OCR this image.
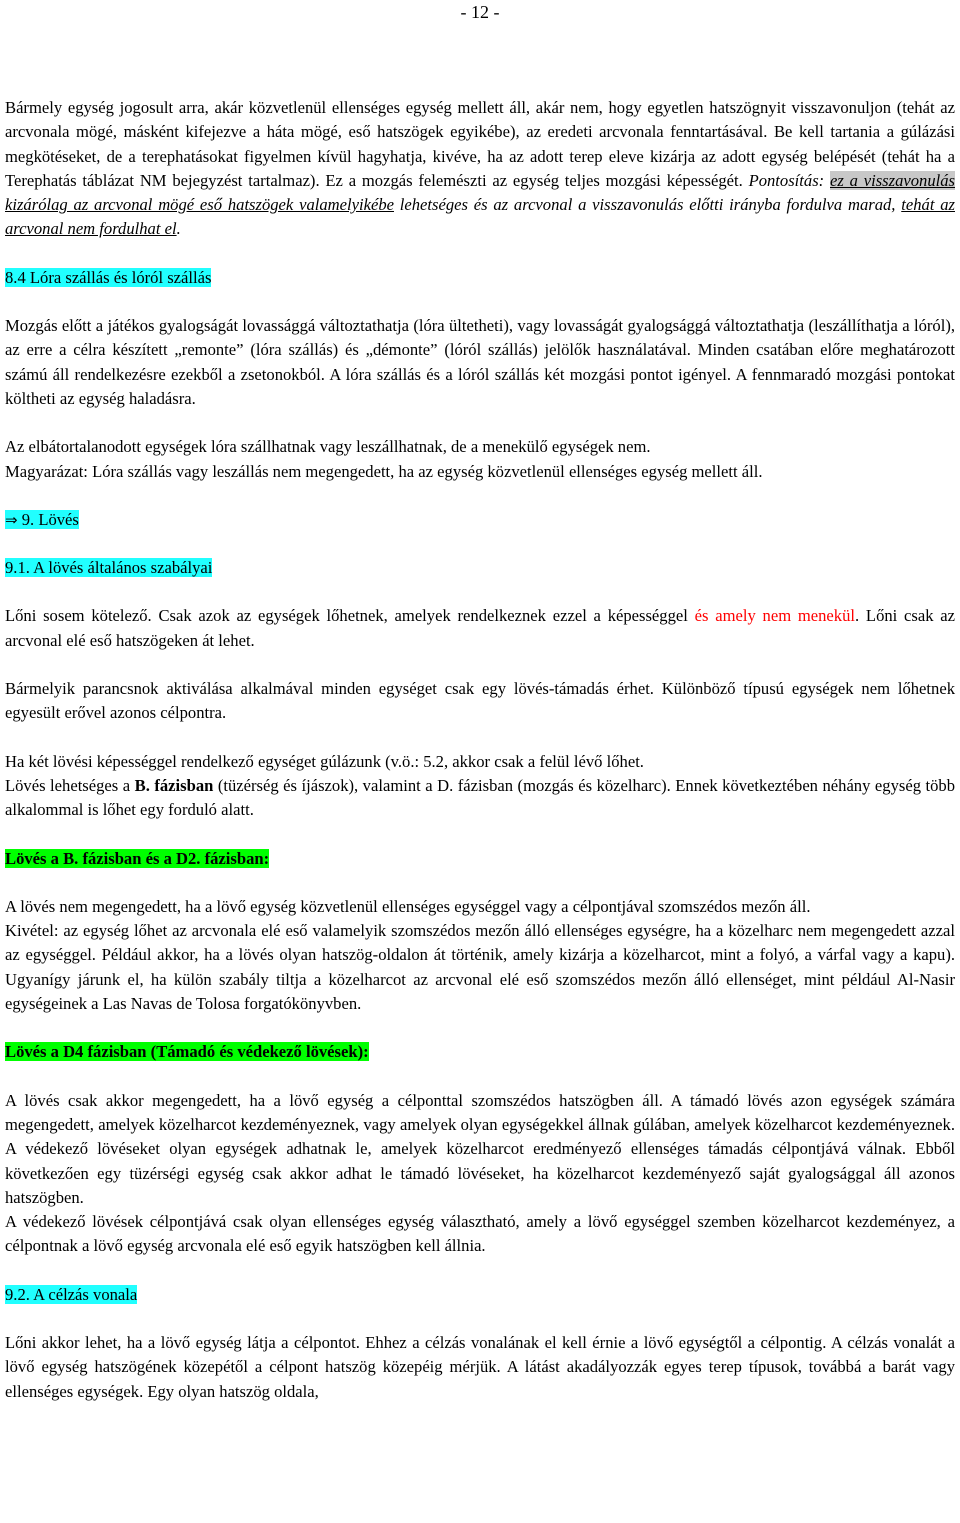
- 12 -

Bármely egység jogosult arra, akár közvetlenül ellenséges egység mellett áll, akár nem, hogy egyetlen hatszögnyit visszavonuljon (tehát az arcvonala mögé, másként kifejezve a háta mögé, eső hatszögek egyikébe), az eredeti arcvonala fenntartásával. Be kell tartania a gúlázási megkötéseket, de a terephatásokat figyelmen kívül hagyhatja, kivéve, ha az adott terep eleve kizárja az adott egység belépését (tehát ha a Terephatás táblázat NM bejegyzést tartalmaz). Ez a mozgás felemészti az egység teljes mozgási képességét. Pontosítás: ez a visszavonulás kizárólag az arcvonal mögé eső hatszögek valamelyikébe lehetséges és az arcvonal a visszavonulás előtti irányba fordulva marad, tehát az arcvonal nem fordulhat el.

8.4 Lóra szállás és lóról szállás

Mozgás előtt a játékos gyalogságát lovassággá változtathatja (lóra ültetheti), vagy lovasságát gyalogsággá változtathatja (leszállíthatja a lóról), az erre a célra készített „remonte” (lóra szállás) és „démonte” (lóról szállás) jelölők használatával. Minden csatában előre meghatározott számú áll rendelkezésre ezekből a zsetonokból. A lóra szállás és a lóról szállás két mozgási pontot igényel. A fennmaradó mozgási pontokat költheti az egység haladásra.

Az elbátortalanodott egységek lóra szállhatnak vagy leszállhatnak, de a menekülő egységek nem.

Magyarázat: Lóra szállás vagy leszállás nem megengedett, ha az egység közvetlenül ellenséges egység mellett áll.

⇒ 9. Lövés

9.1. A lövés általános szabályai

Lőni sosem kötelező. Csak azok az egységek lőhetnek, amelyek rendelkeznek ezzel a képességgel és amely nem menekül. Lőni csak az arcvonal elé eső hatszögeken át lehet.

Bármelyik parancsnok aktiválása alkalmával minden egységet csak egy lövés-támadás érhet. Különböző típusú egységek nem lőhetnek egyesült erővel azonos célpontra.

Ha két lövési képességgel rendelkező egységet gúlázunk (v.ö.: 5.2, akkor csak a felül lévő lőhet.

Lövés lehetséges a B. fázisban (tüzérség és íjászok), valamint a D. fázisban (mozgás és közelharc). Ennek következtében néhány egység több alkalommal is lőhet egy forduló alatt.

Lövés a B. fázisban és a D2. fázisban:

A lövés nem megengedett, ha a lövő egység közvetlenül ellenséges egységgel vagy a célpontjával szomszédos mezőn áll.

Kivétel: az egység lőhet az arcvonala elé eső valamelyik szomszédos mezőn álló ellenséges egységre, ha a közelharc nem megengedett azzal az egységgel. Például akkor, ha a lövés olyan hatszög-oldalon át történik, amely kizárja a közelharcot, mint a folyó, a várfal vagy a kapu). Ugyanígy járunk el, ha külön szabály tiltja a közelharcot az arcvonal elé eső szomszédos mezőn álló ellenséget, mint például Al-Nasir egységeinek a Las Navas de Tolosa forgatókönyvben.

Lövés a D4 fázisban (Támadó és védekező lövések):

A lövés csak akkor megengedett, ha a lövő egység a célponttal szomszédos hatszögben áll. A támadó lövés azon egységek számára megengedett, amelyek közelharcot kezdeményeznek, vagy amelyek olyan egységekkel állnak gúlában, amelyek közelharcot kezdeményeznek. A védekező lövéseket olyan egységek adhatnak le, amelyek közelharcot eredményező ellenséges támadás célpontjává válnak. Ebből következően egy tüzérségi egység csak akkor adhat le támadó lövéseket, ha közelharcot kezdeményező saját gyalogsággal áll azonos hatszögben.

A védekező lövések célpontjává csak olyan ellenséges egység választható, amely a lövő egységgel szemben közelharcot kezdeményez, a célpontnak a lövő egység arcvonala elé eső egyik hatszögben kell állnia.

9.2. A célzás vonala

Lőni akkor lehet, ha a lövő egység látja a célpontot. Ehhez a célzás vonalának el kell érnie a lövő egységtől a célpontig. A célzás vonalát a lövő egység hatszögének közepétől a célpont hatszög közepéig mérjük. A látást akadályozzák egyes terep típusok, továbbá a barát vagy ellenséges egységek. Egy olyan hatszög oldala,
